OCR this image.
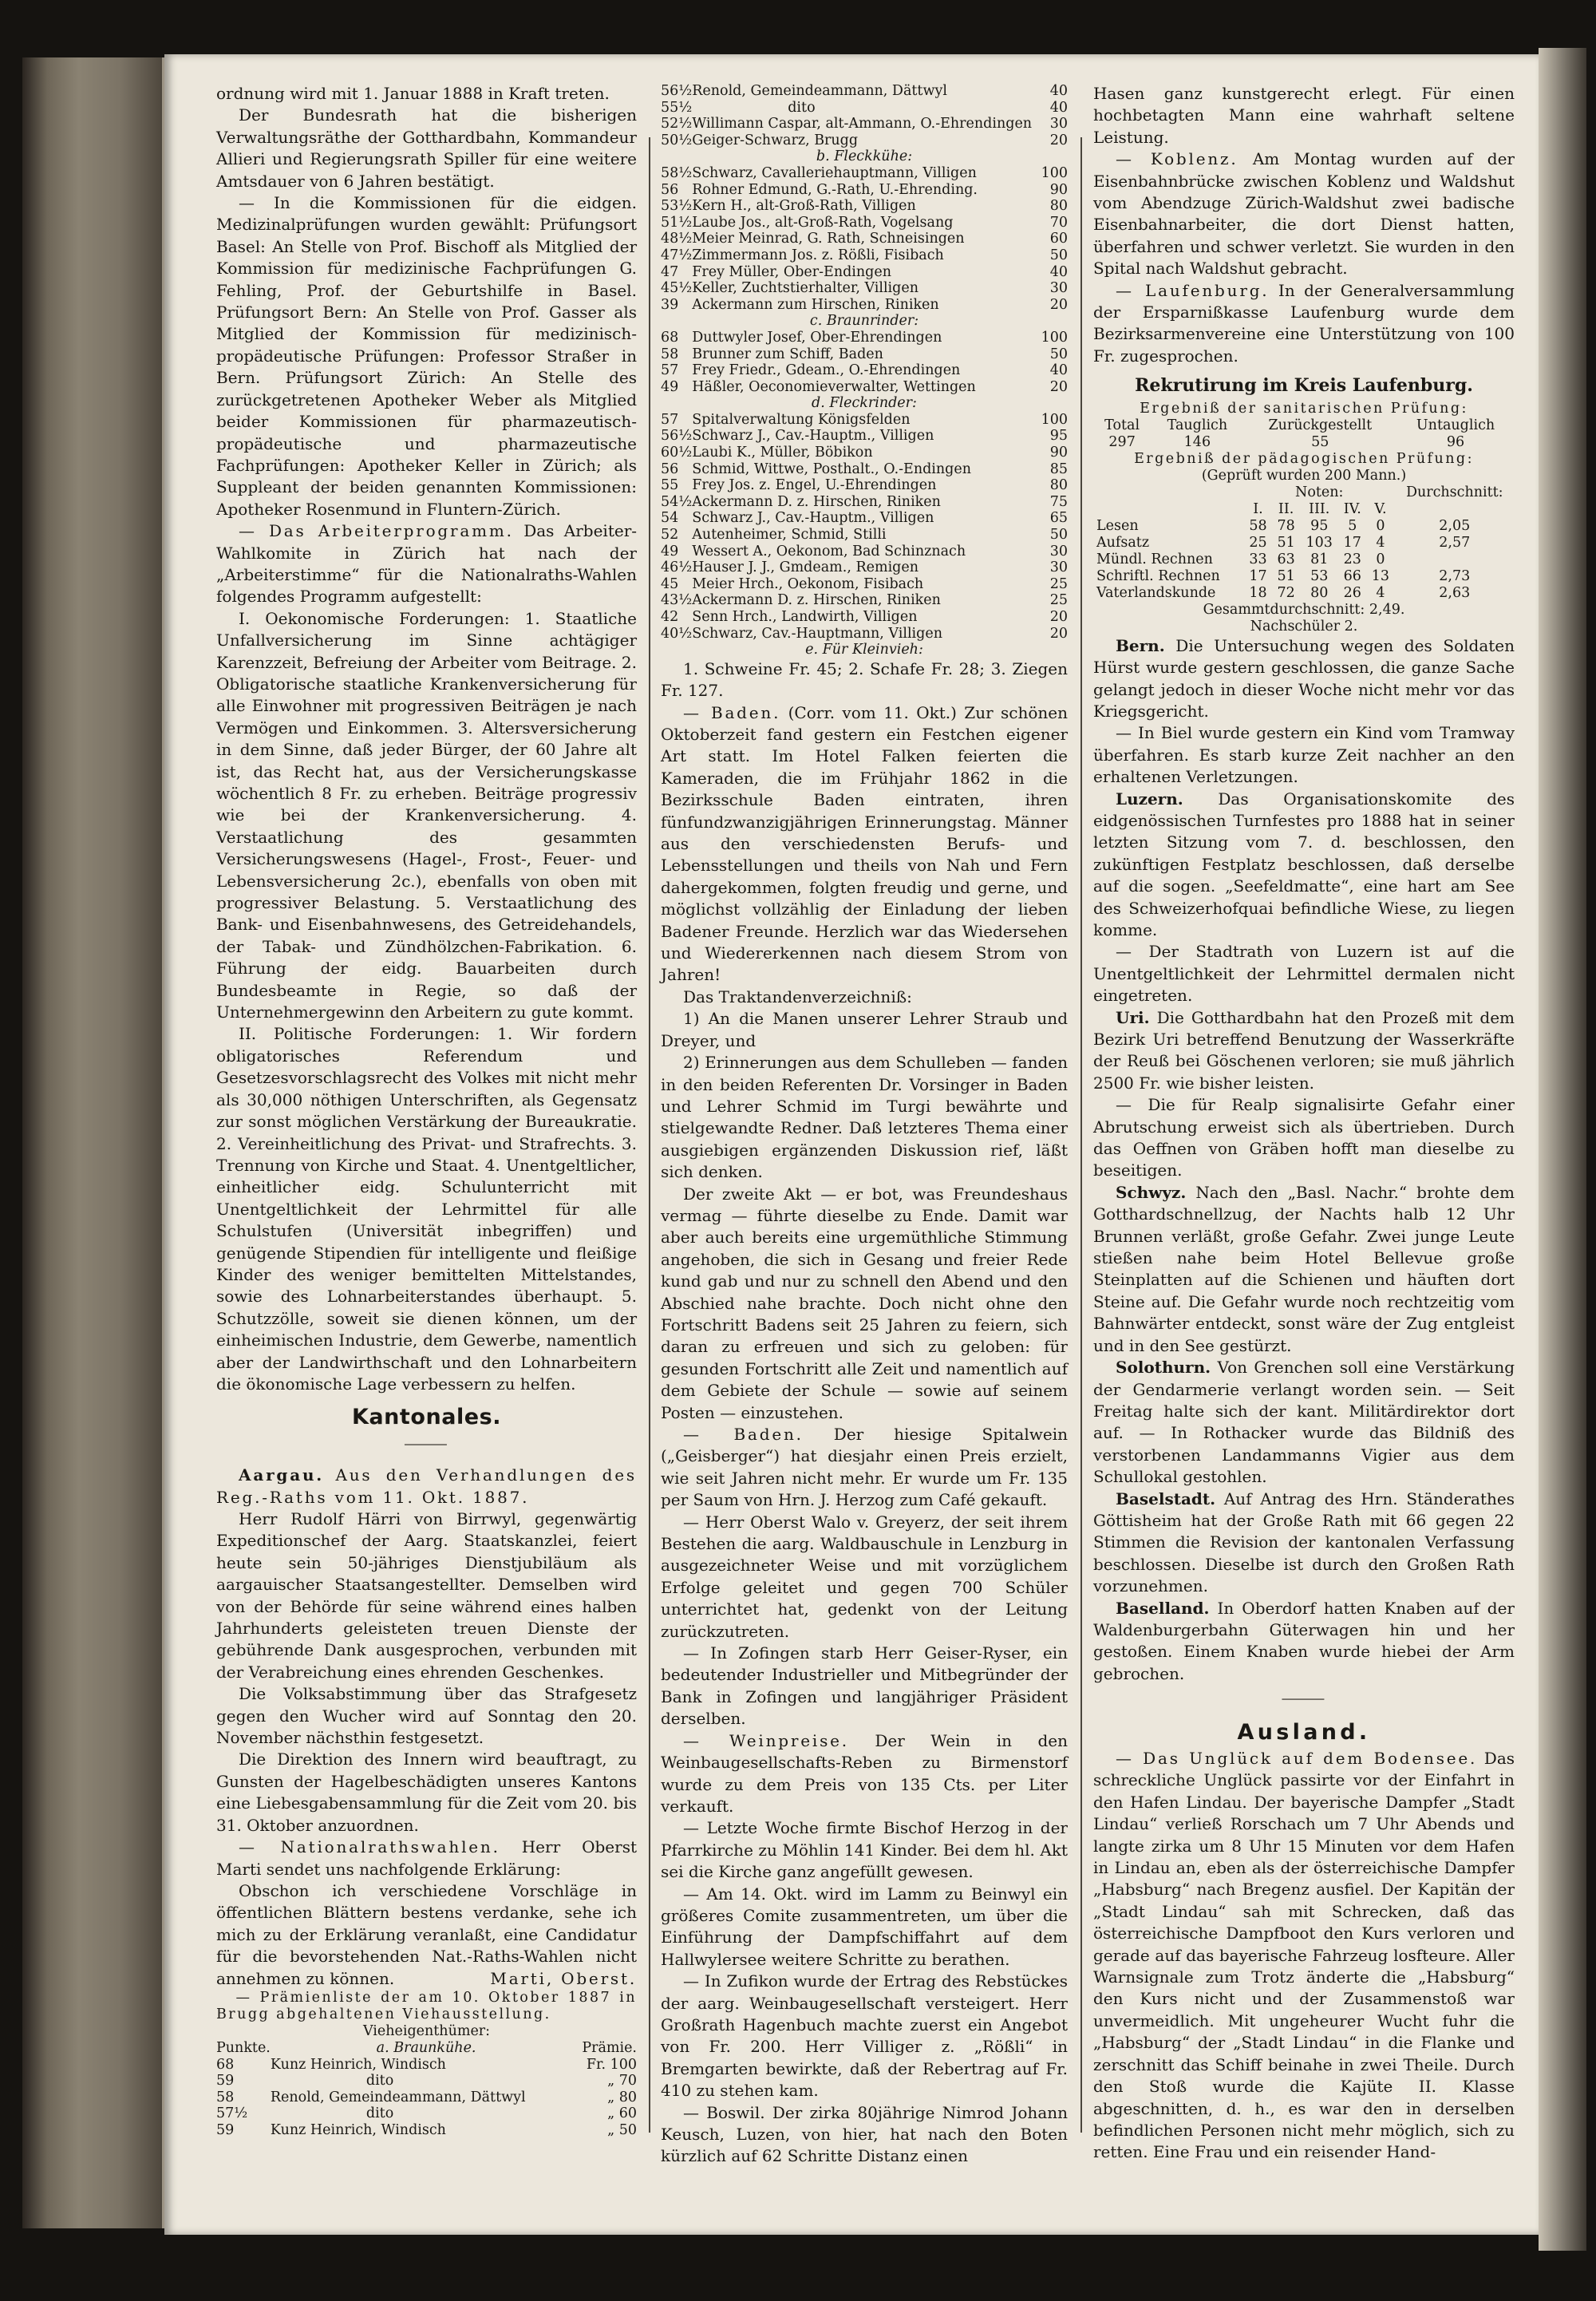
ordnung wird mit 1. Januar 1888 in Kraft treten.

Der Bundesrath hat die bisherigen Verwaltungsräthe der Gotthardbahn, Kommandeur Allieri und Regierungsrath Spiller für eine weitere Amtsdauer von 6 Jahren bestätigt.

— In die Kommissionen für die eidgen. Medizinalprüfungen wurden gewählt: Prüfungsort Basel: An Stelle von Prof. Bischoff als Mitglied der Kommission für medizinische Fachprüfungen G. Fehling, Prof. der Geburtshilfe in Basel. Prüfungsort Bern: An Stelle von Prof. Gasser als Mitglied der Kommission für medizinisch-propädeutische Prüfungen: Professor Straßer in Bern. Prüfungsort Zürich: An Stelle des zurückgetretenen Apotheker Weber als Mitglied beider Kommissionen für pharmazeutisch-propädeutische und pharmazeutische Fachprüfungen: Apotheker Keller in Zürich; als Suppleant der beiden genannten Kommissionen: Apotheker Rosenmund in Fluntern-Zürich.

— Das Arbeiterprogramm. Das Arbeiter-Wahlkomite in Zürich hat nach der „Arbeiterstimme“ für die Nationalraths-Wahlen folgendes Programm aufgestellt:

I. Oekonomische Forderungen: 1. Staatliche Unfallversicherung im Sinne achtägiger Karenzzeit, Befreiung der Arbeiter vom Beitrage. 2. Obligatorische staatliche Krankenversicherung für alle Einwohner mit progressiven Beiträgen je nach Vermögen und Einkommen. 3. Altersversicherung in dem Sinne, daß jeder Bürger, der 60 Jahre alt ist, das Recht hat, aus der Versicherungskasse wöchentlich 8 Fr. zu erheben. Beiträge progressiv wie bei der Krankenversicherung. 4. Verstaatlichung des gesammten Versicherungswesens (Hagel-, Frost-, Feuer- und Lebensversicherung 2c.), ebenfalls von oben mit progressiver Belastung. 5. Verstaatlichung des Bank- und Eisenbahnwesens, des Getreidehandels, der Tabak- und Zündhölzchen-Fabrikation. 6. Führung der eidg. Bauarbeiten durch Bundesbeamte in Regie, so daß der Unternehmergewinn den Arbeitern zu gute kommt.

II. Politische Forderungen: 1. Wir fordern obligatorisches Referendum und Gesetzesvorschlagsrecht des Volkes mit nicht mehr als 30,000 nöthigen Unterschriften, als Gegensatz zur sonst möglichen Verstärkung der Bureaukratie. 2. Vereinheitlichung des Privat- und Strafrechts. 3. Trennung von Kirche und Staat. 4. Unentgeltlicher, einheitlicher eidg. Schulunterricht mit Unentgeltlichkeit der Lehrmittel für alle Schulstufen (Universität inbegriffen) und genügende Stipendien für intelligente und fleißige Kinder des weniger bemittelten Mittelstandes, sowie des Lohnarbeiterstandes überhaupt. 5. Schutzzölle, soweit sie dienen können, um der einheimischen Industrie, dem Gewerbe, namentlich aber der Landwirthschaft und den Lohnarbeitern die ökonomische Lage verbessern zu helfen.

Kantonales.
⸻

Aargau. Aus den Verhandlungen des Reg.-Raths vom 11. Okt. 1887.

Herr Rudolf Härri von Birrwyl, gegenwärtig Expeditionschef der Aarg. Staatskanzlei, feiert heute sein 50-jähriges Dienstjubiläum als aargauischer Staatsangestellter. Demselben wird von der Behörde für seine während eines halben Jahrhunderts geleisteten treuen Dienste der gebührende Dank ausgesprochen, verbunden mit der Verabreichung eines ehrenden Geschenkes.

Die Volksabstimmung über das Strafgesetz gegen den Wucher wird auf Sonntag den 20. November nächsthin festgesetzt.

Die Direktion des Innern wird beauftragt, zu Gunsten der Hagelbeschädigten unseres Kantons eine Liebesgabensammlung für die Zeit vom 20. bis 31. Oktober anzuordnen.

— Nationalrathswahlen. Herr Oberst Marti sendet uns nachfolgende Erklärung:

Obschon ich verschiedene Vorschläge in öffentlichen Blättern bestens verdanke, sehe ich mich zu der Erklärung veranlaßt, eine Candidatur für die bevorstehenden Nat.-Raths-Wahlen nicht annehmen zu können.	Marti, Oberst.

— Prämienliste der am 10. Oktober 1887 in Brugg abgehaltenen Viehausstellung.

Vieheigenthümer:
Punkte.	a. Braunkühe.	Prämie.
68	Kunz Heinrich, Windisch	Fr. 100
59	dito	„ 70
58	Renold, Gemeindeammann, Dättwyl	„ 80
57½	dito	„ 60
59	Kunz Heinrich, Windisch	„ 50
56½	Renold, Gemeindeammann, Dättwyl	40
55½	dito	40
52½	Willimann Caspar, alt-Ammann, O.-Ehrendingen	30
50½	Geiger-Schwarz, Brugg	20
b. Fleckkühe:		
58½	Schwarz, Cavalleriehauptmann, Villigen	100
56	Rohner Edmund, G.-Rath, U.-Ehrending.	90
53½	Kern H., alt-Groß-Rath, Villigen	80
51½	Laube Jos., alt-Groß-Rath, Vogelsang	70
48½	Meier Meinrad, G. Rath, Schneisingen	60
47½	Zimmermann Jos. z. Rößli, Fisibach	50
47	Frey Müller, Ober-Endingen	40
45½	Keller, Zuchtstierhalter, Villigen	30
39	Ackermann zum Hirschen, Riniken	20
c. Braunrinder:		
68	Duttwyler Josef, Ober-Ehrendingen	100
58	Brunner zum Schiff, Baden	50
57	Frey Friedr., Gdeam., O.-Ehrendingen	40
49	Häßler, Oeconomieverwalter, Wettingen	20
d. Fleckrinder:		
57	Spitalverwaltung Königsfelden	100
56½	Schwarz J., Cav.-Hauptm., Villigen	95
60½	Laubi K., Müller, Böbikon	90
56	Schmid, Wittwe, Posthalt., O.-Endingen	85
55	Frey Jos. z. Engel, U.-Ehrendingen	80
54½	Ackermann D. z. Hirschen, Riniken	75
54	Schwarz J., Cav.-Hauptm., Villigen	65
52	Autenheimer, Schmid, Stilli	50
49	Wessert A., Oekonom, Bad Schinznach	30
46½	Hauser J. J., Gmdeam., Remigen	30
45	Meier Hrch., Oekonom, Fisibach	25
43½	Ackermann D. z. Hirschen, Riniken	25
42	Senn Hrch., Landwirth, Villigen	20
40½	Schwarz, Cav.-Hauptmann, Villigen	20
e. Für Kleinvieh:		

1. Schweine Fr. 45; 2. Schafe Fr. 28; 3. Ziegen Fr. 127.

— Baden. (Corr. vom 11. Okt.) Zur schönen Oktoberzeit fand gestern ein Festchen eigener Art statt. Im Hotel Falken feierten die Kameraden, die im Frühjahr 1862 in die Bezirksschule Baden eintraten, ihren fünfundzwanzigjährigen Erinnerungstag. Männer aus den verschiedensten Berufs- und Lebensstellungen und theils von Nah und Fern dahergekommen, folgten freudig und gerne, und möglichst vollzählig der Einladung der lieben Badener Freunde. Herzlich war das Wiedersehen und Wiedererkennen nach diesem Strom von Jahren!

Das Traktandenverzeichniß:

1) An die Manen unserer Lehrer Straub und Dreyer, und

2) Erinnerungen aus dem Schulleben — fanden in den beiden Referenten Dr. Vorsinger in Baden und Lehrer Schmid im Turgi bewährte und stielgewandte Redner. Daß letzteres Thema einer ausgiebigen ergänzenden Diskussion rief, läßt sich denken.

Der zweite Akt — er bot, was Freundeshaus vermag — führte dieselbe zu Ende. Damit war aber auch bereits eine urgemüthliche Stimmung angehoben, die sich in Gesang und freier Rede kund gab und nur zu schnell den Abend und den Abschied nahe brachte. Doch nicht ohne den Fortschritt Badens seit 25 Jahren zu feiern, sich daran zu erfreuen und sich zu geloben: für gesunden Fortschritt alle Zeit und namentlich auf dem Gebiete der Schule — sowie auf seinem Posten — einzustehen.

— Baden. Der hiesige Spitalwein („Geisberger“) hat diesjahr einen Preis erzielt, wie seit Jahren nicht mehr. Er wurde um Fr. 135 per Saum von Hrn. J. Herzog zum Café gekauft.

— Herr Oberst Walo v. Greyerz, der seit ihrem Bestehen die aarg. Waldbauschule in Lenzburg in ausgezeichneter Weise und mit vorzüglichem Erfolge geleitet und gegen 700 Schüler unterrichtet hat, gedenkt von der Leitung zurückzutreten.

— In Zofingen starb Herr Geiser-Ryser, ein bedeutender Industrieller und Mitbegründer der Bank in Zofingen und langjähriger Präsident derselben.

— Weinpreise. Der Wein in den Weinbaugesellschafts-Reben zu Birmenstorf wurde zu dem Preis von 135 Cts. per Liter verkauft.

— Letzte Woche firmte Bischof Herzog in der Pfarrkirche zu Möhlin 141 Kinder. Bei dem hl. Akt sei die Kirche ganz angefüllt gewesen.

— Am 14. Okt. wird im Lamm zu Beinwyl ein größeres Comite zusammentreten, um über die Einführung der Dampfschiffahrt auf dem Hallwylersee weitere Schritte zu berathen.

— In Zufikon wurde der Ertrag des Rebstückes der aarg. Weinbaugesellschaft versteigert. Herr Großrath Hagenbuch machte zuerst ein Angebot von Fr. 200. Herr Villiger z. „Rößli“ in Bremgarten bewirkte, daß der Rebertrag auf Fr. 410 zu stehen kam.

— Boswil. Der zirka 80jährige Nimrod Johann Keusch, Luzen, von hier, hat nach den Boten kürzlich auf 62 Schritte Distanz einen

Hasen ganz kunstgerecht erlegt. Für einen hochbetagten Mann eine wahrhaft seltene Leistung.

— Koblenz. Am Montag wurden auf der Eisenbahnbrücke zwischen Koblenz und Waldshut vom Abendzuge Zürich-Waldshut zwei badische Eisenbahnarbeiter, die dort Dienst hatten, überfahren und schwer verletzt. Sie wurden in den Spital nach Waldshut gebracht.

— Laufenburg. In der Generalversammlung der Ersparnißkasse Laufenburg wurde dem Bezirksarmenvereine eine Unterstützung von 100 Fr. zugesprochen.

Rekrutirung im Kreis Laufenburg.
Ergebniß der sanitarischen Prüfung:
Total	Tauglich	Zurückgestellt	Untauglich
297	146	55	96
Ergebniß der pädagogischen Prüfung:
(Geprüft wurden 200 Mann.)
	Noten:					Durchschnitt:
	I.	II.	III.	IV.	V.	
Lesen	58	78	95	5	0	2,05
Aufsatz	25	51	103	17	4	2,57
Mündl. Rechnen	33	63	81	23	0	
Schriftl. Rechnen	17	51	53	66	13	2,73
Vaterlandskunde	18	72	80	26	4	2,63
Gesammtdurchschnitt: 2,49.
Nachschüler 2.

Bern. Die Untersuchung wegen des Soldaten Hürst wurde gestern geschlossen, die ganze Sache gelangt jedoch in dieser Woche nicht mehr vor das Kriegsgericht.

— In Biel wurde gestern ein Kind vom Tramway überfahren. Es starb kurze Zeit nachher an den erhaltenen Verletzungen.

Luzern. Das Organisationskomite des eidgenössischen Turnfestes pro 1888 hat in seiner letzten Sitzung vom 7. d. beschlossen, den zukünftigen Festplatz beschlossen, daß derselbe auf die sogen. „Seefeldmatte“, eine hart am See des Schweizerhofquai befindliche Wiese, zu liegen komme.

— Der Stadtrath von Luzern ist auf die Unentgeltlichkeit der Lehrmittel dermalen nicht eingetreten.

Uri. Die Gotthardbahn hat den Prozeß mit dem Bezirk Uri betreffend Benutzung der Wasserkräfte der Reuß bei Göschenen verloren; sie muß jährlich 2500 Fr. wie bisher leisten.

— Die für Realp signalisirte Gefahr einer Abrutschung erweist sich als übertrieben. Durch das Oeffnen von Gräben hofft man dieselbe zu beseitigen.

Schwyz. Nach den „Basl. Nachr.“ brohte dem Gotthardschnellzug, der Nachts halb 12 Uhr Brunnen verläßt, große Gefahr. Zwei junge Leute stießen nahe beim Hotel Bellevue große Steinplatten auf die Schienen und häuften dort Steine auf. Die Gefahr wurde noch rechtzeitig vom Bahnwärter entdeckt, sonst wäre der Zug entgleist und in den See gestürzt.

Solothurn. Von Grenchen soll eine Verstärkung der Gendarmerie verlangt worden sein. — Seit Freitag halte sich der kant. Militärdirektor dort auf. — In Rothacker wurde das Bildniß des verstorbenen Landammanns Vigier aus dem Schullokal gestohlen.

Baselstadt. Auf Antrag des Hrn. Ständerathes Göttisheim hat der Große Rath mit 66 gegen 22 Stimmen die Revision der kantonalen Verfassung beschlossen. Dieselbe ist durch den Großen Rath vorzunehmen.

Baselland. In Oberdorf hatten Knaben auf der Waldenburgerbahn Güterwagen hin und her gestoßen. Einem Knaben wurde hiebei der Arm gebrochen.

⸻
Ausland.

— Das Unglück auf dem Bodensee. Das schreckliche Unglück passirte vor der Einfahrt in den Hafen Lindau. Der bayerische Dampfer „Stadt Lindau“ verließ Rorschach um 7 Uhr Abends und langte zirka um 8 Uhr 15 Minuten vor dem Hafen in Lindau an, eben als der österreichische Dampfer „Habsburg“ nach Bregenz ausfiel. Der Kapitän der „Stadt Lindau“ sah mit Schrecken, daß das österreichische Dampfboot den Kurs verloren und gerade auf das bayerische Fahrzeug losfteure. Aller Warnsignale zum Trotz änderte die „Habsburg“ den Kurs nicht und der Zusammenstoß war unvermeidlich. Mit ungeheurer Wucht fuhr die „Habsburg“ der „Stadt Lindau“ in die Flanke und zerschnitt das Schiff beinahe in zwei Theile. Durch den Stoß wurde die Kajüte II. Klasse abgeschnitten, d. h., es war den in derselben befindlichen Personen nicht mehr möglich, sich zu retten. Eine Frau und ein reisender Hand-
